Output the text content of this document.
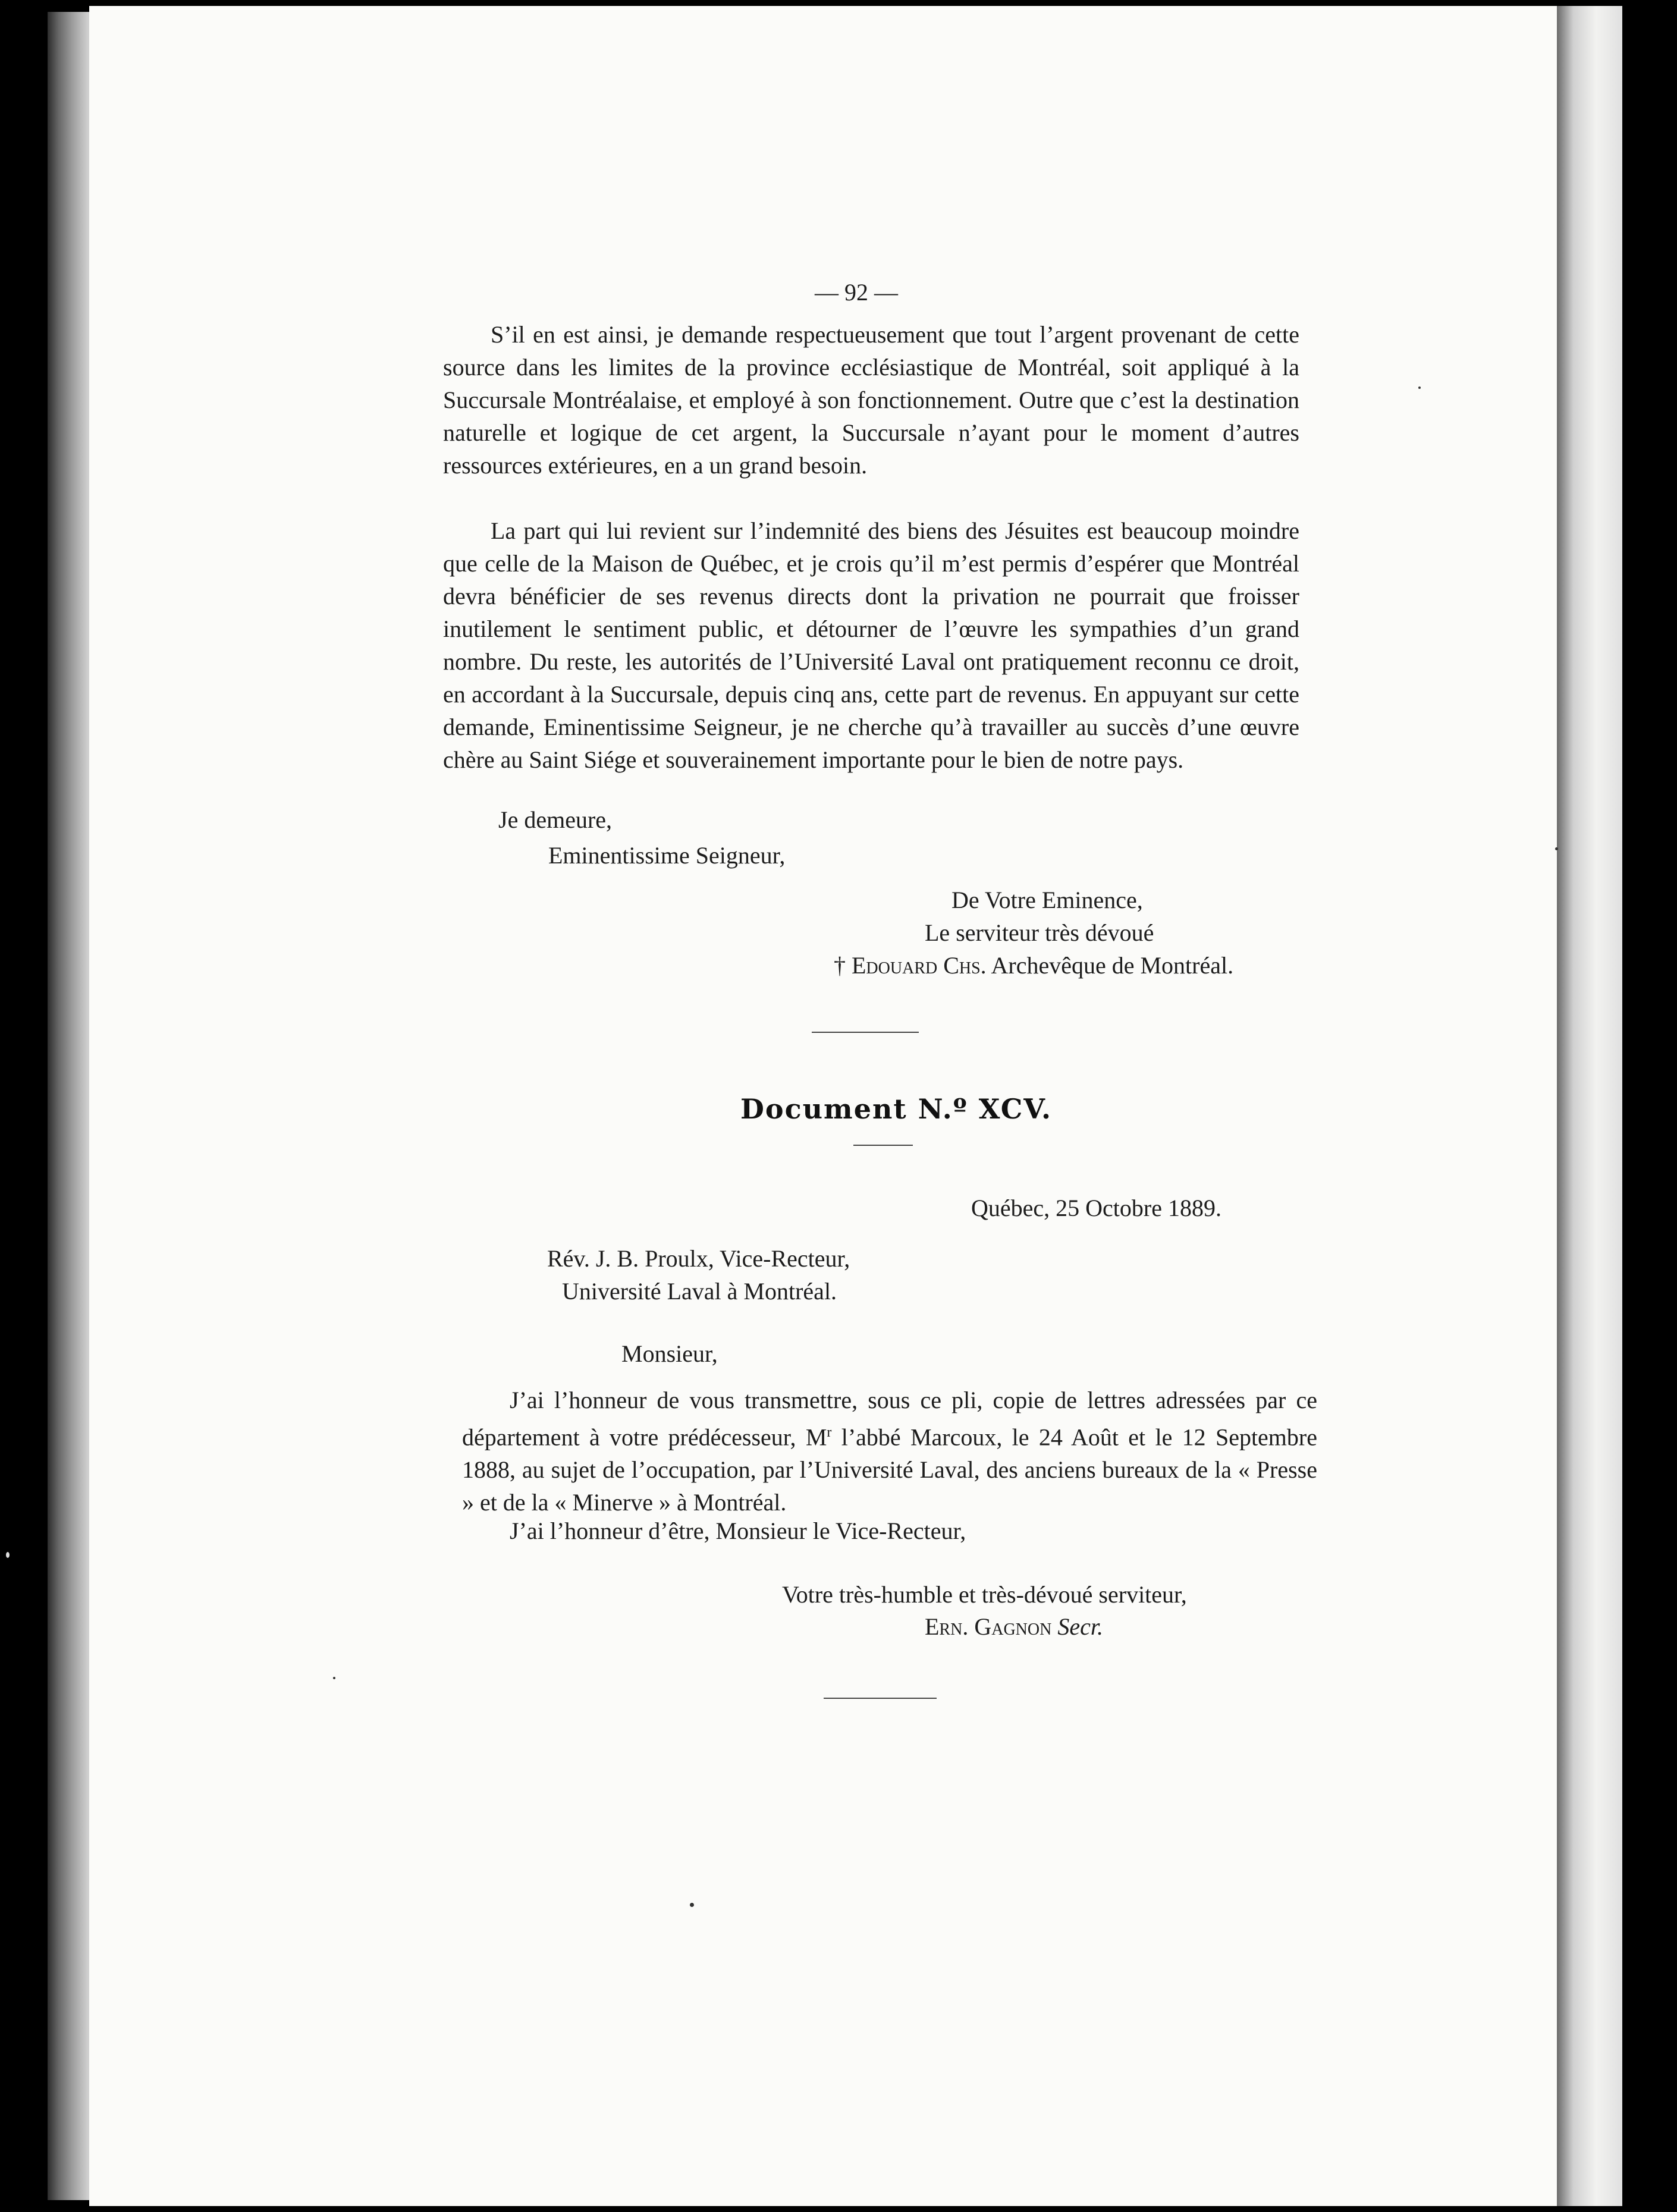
— 92 —
S’il en est ainsi, je demande respectueusement que tout l’argent provenant de cette source dans les limites de la province ecclésiastique de Montréal, soit appliqué à la Succursale Montréalaise, et employé à son fonctionnement. Outre que c’est la destination naturelle et logique de cet argent, la Succursale n’ayant pour le moment d’autres ressources extérieures, en a un grand besoin.
La part qui lui revient sur l’indemnité des biens des Jésuites est beaucoup moindre que celle de la Maison de Québec, et je crois qu’il m’est permis d’espérer que Montréal devra bénéficier de ses revenus directs dont la privation ne pourrait que froisser inutilement le sentiment public, et détourner de l’œuvre les sympathies d’un grand nombre. Du reste, les autorités de l’Université Laval ont pratiquement reconnu ce droit, en accordant à la Succursale, depuis cinq ans, cette part de revenus. En appuyant sur cette demande, Eminentissime Seigneur, je ne cherche qu’à travailler au succès d’une œuvre chère au Saint Siége et souverainement importante pour le bien de notre pays.
Je demeure,
Eminentissime Seigneur,
De Votre Eminence,
Le serviteur très dévoué
† Edouard Chs. Archevêque de Montréal.
Document N.º XCV.
Québec, 25 Octobre 1889.
Rév. J. B. Proulx, Vice-Recteur,
Université Laval à Montréal.
Monsieur,
J’ai l’honneur de vous transmettre, sous ce pli, copie de lettres adressées par ce département à votre prédécesseur, $M^r$ l’abbé Marcoux, le 24 Août et le 12 Septembre 1888, au sujet de l’occupation, par l’Université Laval, des anciens bureaux de la « Presse » et de la « Minerve » à Montréal.
J’ai l’honneur d’être, Monsieur le Vice-Recteur,
Votre très-humble et très-dévoué serviteur,
Ern. Gagnon Secr.
